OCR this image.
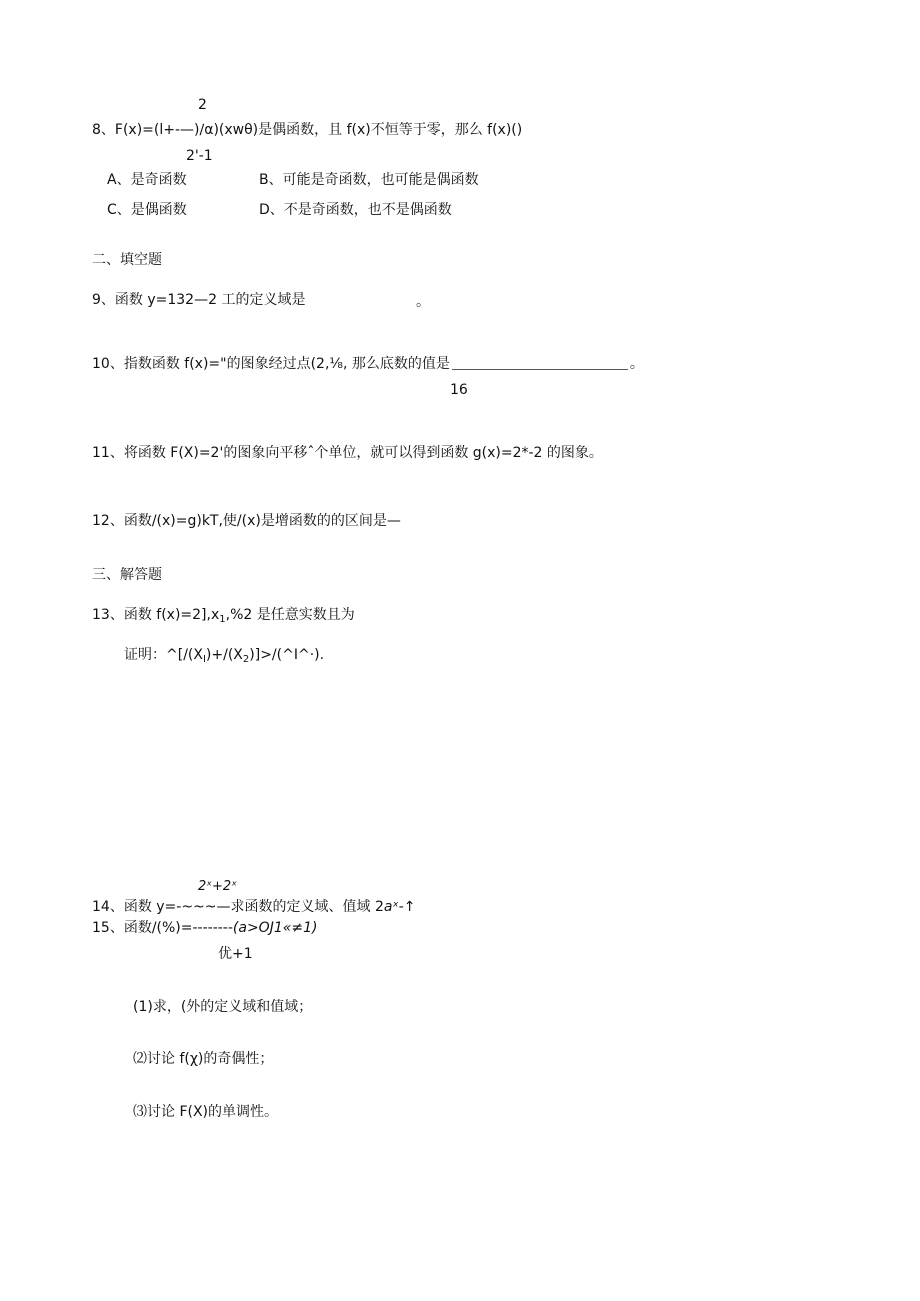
2
8、F(x)=(l+-—)∕α)(xwθ)是偶函数，且 f(x)不恒等于零，那么 f(x)()
2'-1
A、是奇函数	B、可能是奇函数，也可能是偶函数
C、是偶函数	D、不是奇函数，也不是偶函数
二、填空题
9、函数 y=132—2 工的定义域是	。
10、指数函数 f(x)="的图象经过点(2,⅛, 那么底数的值是	。
16
11、将函数 F(X)=2'的图象向平移ˆ个单位，就可以得到函数 g(x)=2*-2 的图象。
12、函数/(x)=g)kT,使/(x)是增函数的的区间是—
三、解答题
13、函数 $f(x)=2],x_1,\%2$ 是任意实数且为
证明：$\^{}[/(X_I)+/(X_2)]>/(\^{}I\^{}\cdot)$.
2ˣ+2ˣ
14、函数 y=-~~~—求函数的定义域、值域 2aˣ-↑
15、函数/(%)=--------(a>OJ1«≠1)
优+1
(1)求，(外的定义域和值域；
⑵讨论 f(χ)的奇偶性；
⑶讨论 F(X)的单调性。
